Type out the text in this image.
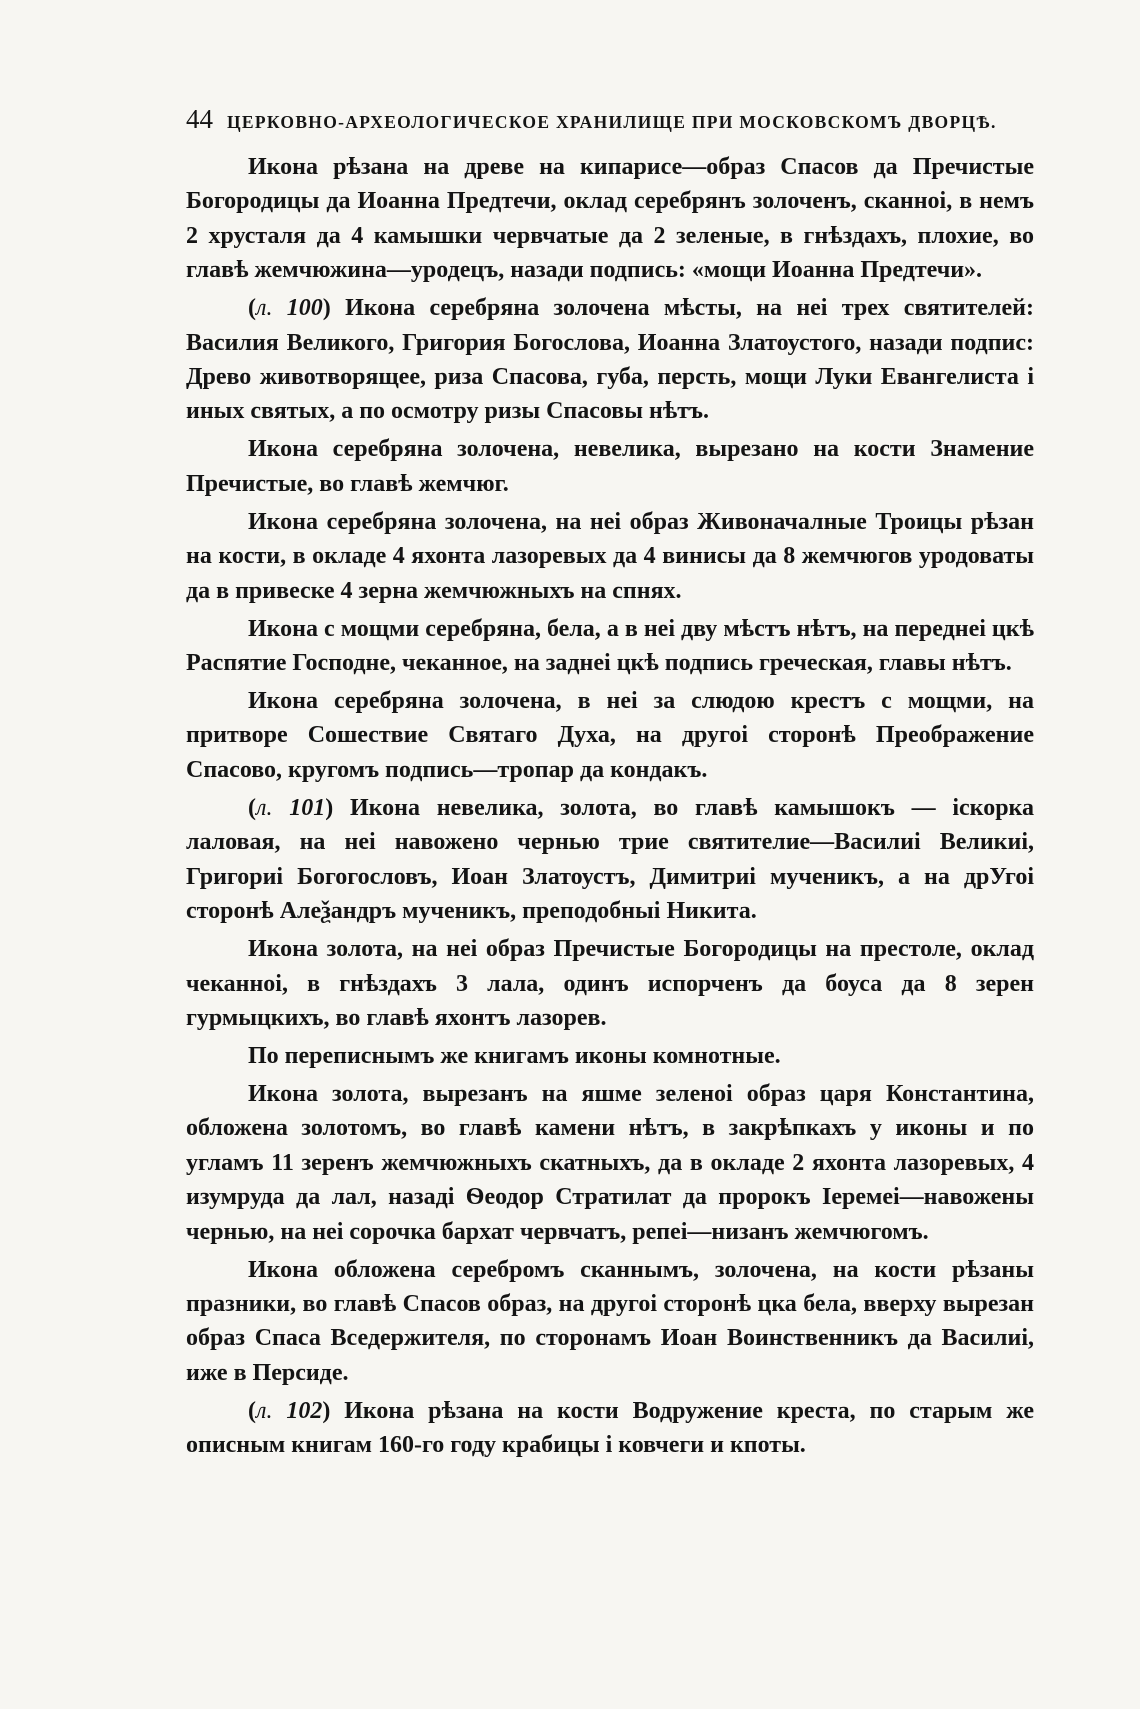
44 ЦЕРКОВНО-АРХЕОЛОГИЧЕСКОЕ ХРАНИЛИЩЕ ПРИ МОСКОВСКОМЪ ДВОРЦѢ.

Икона рѣзана на древе на кипарисе—образ Спасов да Пречистые Богородицы да Иоанна Предтечи, оклад серебрянъ золоченъ, сканнoi, в немъ 2 хрусталя да 4 камышки червчатые да 2 зеленые, в гнѣздахъ, плохие, во главѣ жемчюжина—уродецъ, назади подпись: «мощи Иоанна Предтечи».

(л. 100) Икона серебряна золочена мѣсты, на неi трех святителей: Василия Великого, Григория Богослова, Иоанна Златоустого, назади подпис: Древо животворящее, риза Спасова, губа, персть, мощи Луки Евангелиста i иных святых, а по осмотру ризы Спасовы нѣтъ.

Икона серебряна золочена, невелика, вырезано на кости Знамение Пречистые, во главѣ жемчюг.

Икона серебряна золочена, на неi образ Живоначалные Троицы рѣзан на кости, в окладе 4 яхонта лазоревых да 4 винисы да 8 жемчюгов уродоваты да в привеске 4 зерна жемчюжныхъ на спнях.

Икона с мощми серебряна, бела, а в неi дву мѣстъ нѣтъ, на переднеi цкѣ Распятие Господне, чеканное, на заднеi цкѣ подпись греческая, главы нѣтъ.

Икона серебряна золочена, в неi за слюдою крестъ с мощми, на притворе Сошествие Святаго Духа, на другоi сторонѣ Преображение Спасово, кругомъ подпись—тропар да кондакъ.

(л. 101) Икона невелика, золота, во главѣ камышокъ — iскорка лаловая, на неi навожено чернью трие святителие—Василиi Великиi, Григориi Богогословъ, Иоан Златоустъ, Димитриi мученикъ, а на дрУгоi сторонѣ Алеѯандръ мученикъ, преподобныi Никита.

Икона золота, на неi образ Пречистые Богородицы на престоле, оклад чеканноi, в гнѣздахъ 3 лала, одинъ испорченъ да боуса да 8 зерен гурмыцкихъ, во главѣ яхонтъ лазорев.

По переписнымъ же книгамъ иконы комнотные.

Икона золота, вырезанъ на яшме зеленоi образ царя Константина, обложена золотомъ, во главѣ камени нѣтъ, в закрѣпкахъ у иконы и по угламъ 11 зеренъ жемчюжныхъ скатныхъ, да в окладе 2 яхонта лазоревых, 4 изумруда да лал, назадi Ѳеодор Стратилат да пророкъ Iеремеi—навожены чернью, на неi сорочка бархат червчатъ, репеi—низанъ жемчюгомъ.

Икона обложена серебромъ сканнымъ, золочена, на кости рѣзаны празники, во главѣ Спасов образ, на другоi сторонѣ цка бела, вверху вырезан образ Спаса Вседержителя, по сторонамъ Иоан Воинственникъ да Василиi, иже в Персиде.

(л. 102) Икона рѣзана на кости Водружение креста, по старым же описным книгам 160-го году крабицы i ковчеги и кпоты.
